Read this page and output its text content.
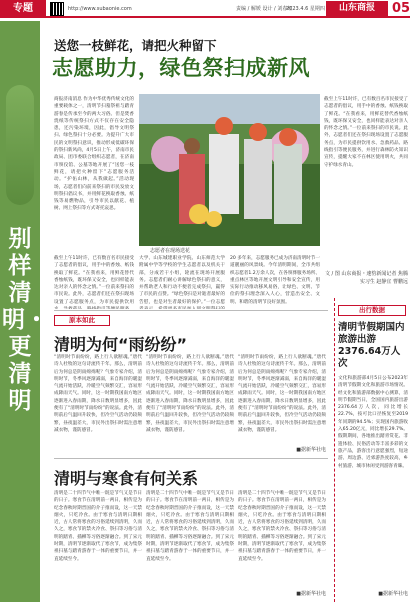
专题	http://www.subaonie.com	责编 / 解媛 设计 / 刘春红
2023.4.6 星期四	山东商报	05
别样清明・更清明
送您一枝鲜花，请把火种留下
志愿助力，绿色祭扫成新风
商报济南消息 作为中华优秀传统文化的重要载体之一，清明节扫墓祭祖与踏青游春是传承至今的两大习俗。但是焚香烧纸等传统祭扫方式不仅存在安全隐患，还污染环境，因此，倡导文明祭扫、绿色祭扫十分必要。为提升广大市民的文明祭扫意识，推动形成低碳环保的祭扫新风尚，4月5日上午，济南市民政局、团市委联合组织志愿者，在济南市殡仪馆、公墓等地开展了“送您一枝鲜花，请把火种留下”志愿服务活动。“护佑山林，从我做起。”活动现场，志愿者们向前来祭扫的市民发放文明祭扫倡议书，并用鲜花换取香烛、纸钱等易燃物品，引导市民以献花、植树、网上祭扫等方式寄托哀思。
截至上午11时许，已有数百名市民接受了志愿者的倡议，用手中的香烛、纸钱换取了鲜花。“在我看来，用鲜花替代香烛纸钱，既环保又安全，也同样能表达对亲人的怀念之情。”一位前来祭扫的市民说。此外，志愿者们还在祭扫现场设置了志愿服务点，为市民提供饮用
大学、山东城建职业学院、山东师范大学附属中学等学校的学生志愿者以及机关干部，分成若干小组，轮流在现场开展服务。志愿者们耐心讲解绿色祭扫的意义，并帮助老人和行动不便者完成祭扫，赢得了市民的点赞。“绿色祭扫是对逝者最好的告慰，也是对生者最好的保护。”一位志愿
20 多年来，志愿服务已成为济南清明时节一道靓丽的风景线。今年清明期间，全市共组织志愿者1.2万余人次，在各殡葬服务场所、重点林区等地开展文明引导和安全宣传，用实际行动推动移风易俗，让绿色、文明、节俭的祭扫理念深入人心，营造出安全、文明、和谐的清明节良好氛围。
截至上午11时许，已有数百名市民接受了志愿者的倡议，用手中的香烛、纸钱换取了鲜花。“在我看来，用鲜花替代香烛纸钱，既环保又安全，也同样能表达对亲人的怀念之情。”一位前来祭扫的市民说。此外，志愿者们还在祭扫现场设置了志愿服务点，为市民提供饮用水、急救药品、路线指引等便民服务，并进行森林防火知识宣传，提醒大家不在林区使用明火，共同守护绿水青山。
文 / 图 山东商报・速豹新闻记者 焦腾 实习生 赵静宜 曹鹏远
志愿者在现场送花
原本如此
清明为何“雨纷纷”
“清明时节雨纷纷，路上行人欲断魂。”唐代诗人杜牧的这句诗流传千年。那么，清明前后为何总是阴雨绵绵呢？气象专家介绍，清明时节，冬季风逐渐减弱，来自海洋的暖湿气流开始活跃，冷暖空气频繁交汇，容易形成降雨天气。同时，这一时期我国南方地区逐渐进入春雨期，降水日数明显增多，因此便有了“清明时节雨纷纷”的说法。此外，清明前后气温回升较快，但冷空气活动仍较频繁，昼夜温差大，市民外出祭扫时需注意增减衣物，谨防感冒。
“清明时节雨纷纷，路上行人欲断魂。”唐代诗人杜牧的这句诗流传千年。那么，清明前后为何总是阴雨绵绵呢？气象专家介绍，清明时节，冬季风逐渐减弱，来自海洋的暖湿气流开始活跃，冷暖空气频繁交汇，容易形成降雨天气。同时，这一时期我国南方地区逐渐进入春雨期，降水日数明显增多，因此便有了“清明时节雨纷纷”的说法。此外，清明前后气温回升较快，但冷空气活动仍较频繁，昼夜温差大，市民外出祭扫时需注意增减衣物，谨防感冒。
“清明时节雨纷纷，路上行人欲断魂。”唐代诗人杜牧的这句诗流传千年。那么，清明前后为何总是阴雨绵绵呢？气象专家介绍，清明时节，冬季风逐渐减弱，来自海洋的暖湿气流开始活跃，冷暖空气频繁交汇，容易形成降雨天气。同时，这一时期我国南方地区逐渐进入春雨期，降水日数明显增多，因此便有了“清明时节雨纷纷”的说法。此外，清明前后气温回升较快，但冷空气活动仍较频繁，昼夜温差大，市民外出祭扫时需注意增减衣物，谨防感冒。
■据新华社电
清明与寒食有何关系
清明是二十四节气中唯一既是节气又是节日的日子。寒食节在清明前一两日，相传是为纪念春秋时期晋国的介子推而设，这一天禁烟火，只吃冷食。由于寒食与清明日期相近，古人常将寒食的习俗延续到清明，久而久之，寒食节的禁火冷食、祭扫等习俗与清明的踏青、插柳等习俗逐渐融合。到了宋元时期，清明节逐渐取代了寒食节，成为集祭祖扫墓与踏青游春于一体的重要节日，并一直延续至今。
清明是二十四节气中唯一既是节气又是节日的日子。寒食节在清明前一两日，相传是为纪念春秋时期晋国的介子推而设，这一天禁烟火，只吃冷食。由于寒食与清明日期相近，古人常将寒食的习俗延续到清明，久而久之，寒食节的禁火冷食、祭扫等习俗与清明的踏青、插柳等习俗逐渐融合。到了宋元时期，清明节逐渐取代了寒食节，成为集祭祖扫墓与踏青游春于一体的重要节日，并一直延续至今。
清明是二十四节气中唯一既是节气又是节日的日子。寒食节在清明前一两日，相传是为纪念春秋时期晋国的介子推而设，这一天禁烟火，只吃冷食。由于寒食与清明日期相近，古人常将寒食的习俗延续到清明，久而久之，寒食节的禁火冷食、祭扫等习俗与清明的踏青、插柳等习俗逐渐融合。到了宋元时期，清明节逐渐取代了寒食节，成为集祭祖扫墓与踏青游春于一体的重要节日，并一直延续至今。
■据新华社电
出行数据
清明节假期国内旅游出游2376.64万人次
文化和旅游部4月5日公布2023年清明节假期文化和旅游市场情况。经文化和旅游部数据中心测算，清明节假期当日，全国国内旅游出游2376.64万人次，同比增长22.7%，按可比口径恢复至2019年同期的94.5%；实现国内旅游收入65.20亿元，同比增长29.7%。假期期间，各地推出踏青赏花、非遗体验、民俗活动等丰富多彩的文旅产品，游客出行意愿强烈，短途游、周边游、近郊游热度较高，乡村旅游、城市休闲受到游客青睐。
■据新华社电
